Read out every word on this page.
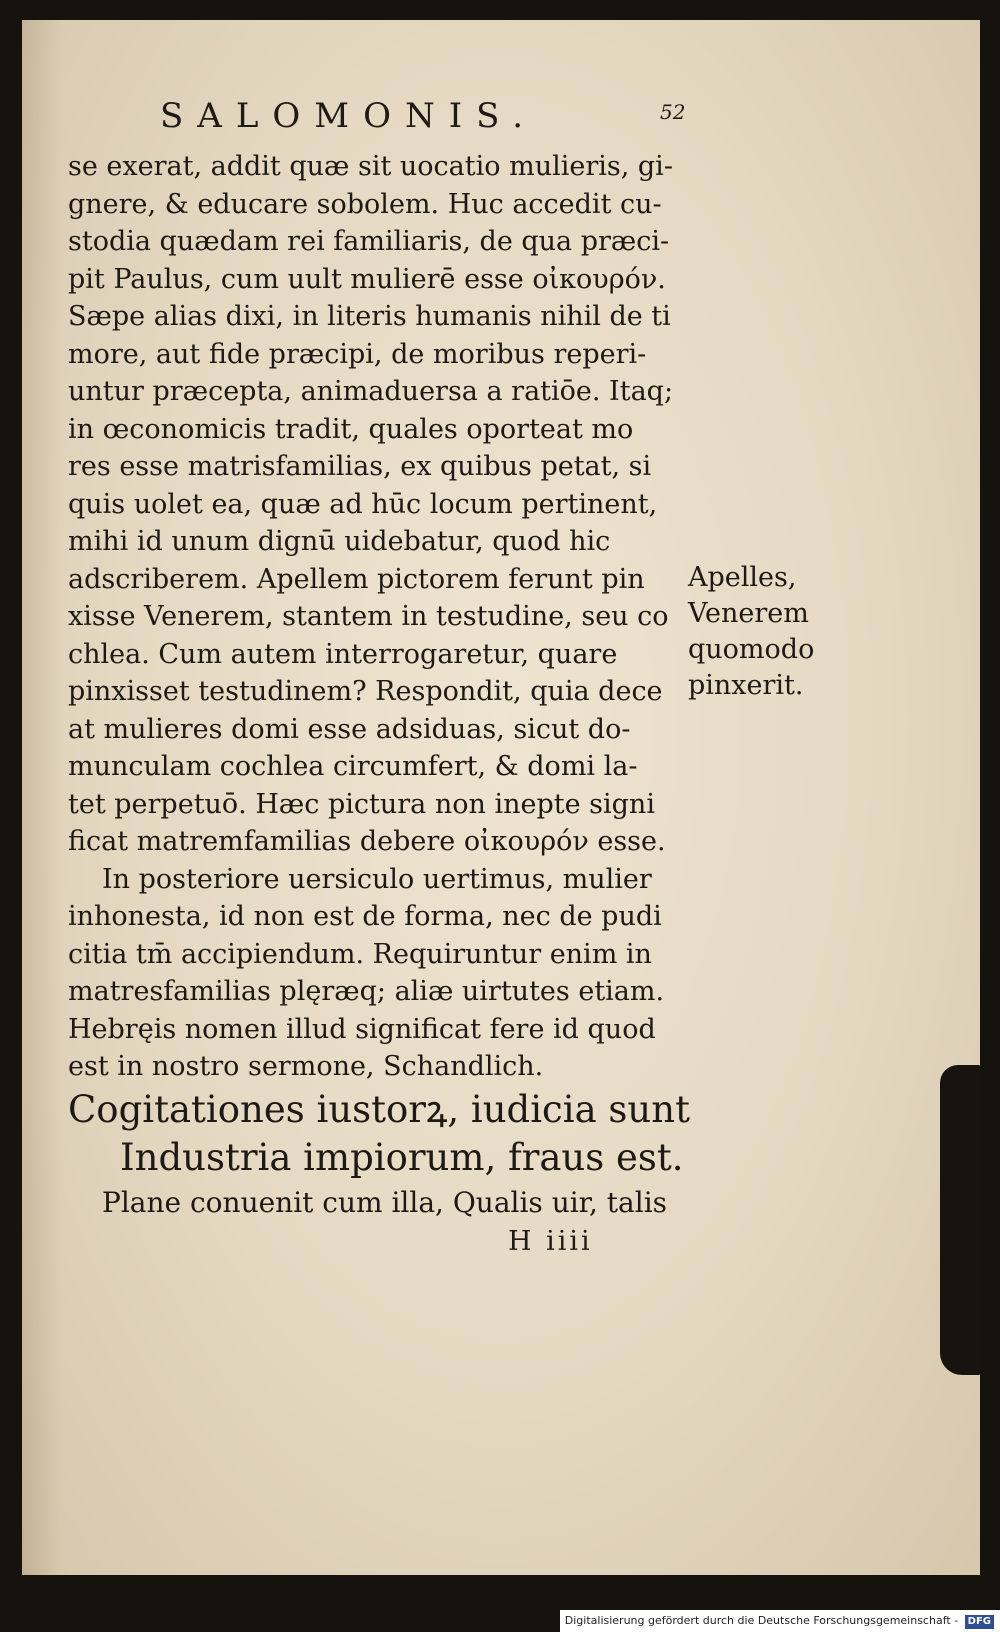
SALOMONIS.	52
se exerat, addit quæ sit uocatio mulieris, gi-
gnere, & educare sobolem. Huc accedit cu-
stodia quædam rei familiaris, de qua præci-
pit Paulus, cum uult mulierē esse οἰκουρόν.
Sæpe alias dixi, in literis humanis nihil de ti
more, aut fide præcipi, de moribus reperi-
untur præcepta, animaduersa a ratiōe. Itaq;
in œconomicis tradit, quales oporteat mo
res esse matrisfamilias, ex quibus petat, si
quis uolet ea, quæ ad hūc locum pertinent,
mihi id unum dignū uidebatur, quod hic
adscriberem. Apellem pictorem ferunt pin
xisse Venerem, stantem in testudine, seu co
chlea. Cum autem interrogaretur, quare
pinxisset testudinem? Respondit, quia dece
at mulieres domi esse adsiduas, sicut do-
munculam cochlea circumfert, & domi la-
tet perpetuō. Hæc pictura non inepte signi
ficat matremfamilias debere οἰκουρόν esse.
In posteriore uersiculo uertimus, mulier
inhonesta, id non est de forma, nec de pudi
citia tm̄ accipiendum. Requiruntur enim in
matresfamilias plęræq; aliæ uirtutes etiam.
Hebręis nomen illud significat fere id quod
est in nostro sermone, Schandlich.
Cogitationes iustorꝝ, iudicia sunt
Industria impiorum, fraus est.
Plane conuenit cum illa, Qualis uir, talis
H iiii
Apelles,
Venerem
quomodo
pinxerit.
Digitalisierung gefördert durch die Deutsche Forschungsgemeinschaft - DFG
